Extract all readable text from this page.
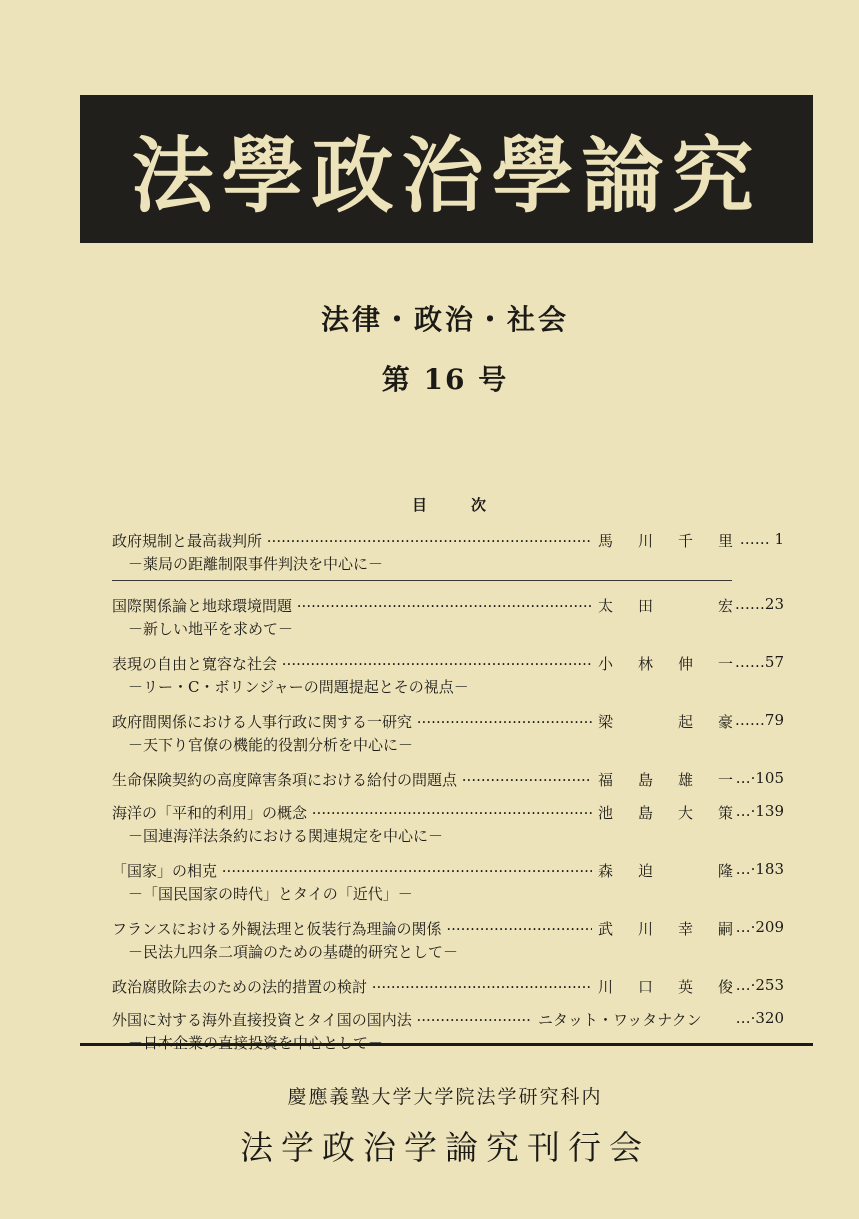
法學政治學論究
法律・政治・社会
第 16 号
目次
政府規制と最高裁判所 ·····	馬 川 千 里 …… 1
－薬局の距離制限事件判決を中心に－
国際関係論と地球環境問題 ·····	太 田	宏 ……23
－新しい地平を求めて－
表現の自由と寛容な社会 ·····	小 林 伸 一 ……57
－リー・C・ボリンジャーの問題提起とその視点－
政府間関係における人事行政に関する一研究 ·····	梁	起 豪 ……79
－天下り官僚の機能的役割分析を中心に－
生命保険契約の高度障害条項における給付の問題点 ·····	福 島 雄 一 …·105
海洋の「平和的利用」の概念 ·····	池 島 大 策 …·139
－国連海洋法条約における関連規定を中心に－
「国家」の相克 ·····	森 迫	隆 …·183
－「国民国家の時代」とタイの「近代」－
フランスにおける外観法理と仮装行為理論の関係 ·····	武 川 幸 嗣 …·209
－民法九四条二項論のための基礎的研究として－
政治腐敗除去のための法的措置の検討 ·····	川 口 英 俊 …·253
外国に対する海外直接投資とタイ国の国内法 ·····	ニタット・ワッタナクン	…·320
慶應義塾大学大学院法学研究科内
法学政治学論究刊行会
